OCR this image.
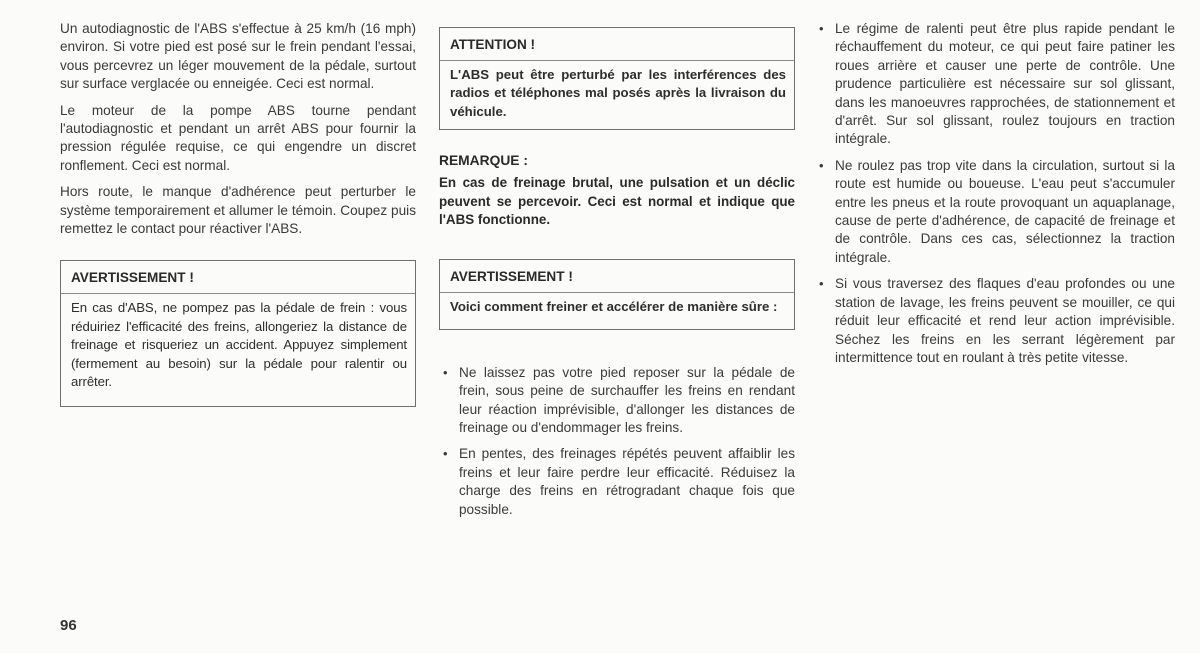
Un autodiagnostic de l'ABS s'effectue à 25 km/h (16 mph) environ. Si votre pied est posé sur le frein pendant l'essai, vous percevrez un léger mouvement de la pédale, surtout sur surface verglacée ou enneigée. Ceci est normal.

Le moteur de la pompe ABS tourne pendant l'autodiagnostic et pendant un arrêt ABS pour fournir la pression régulée requise, ce qui engendre un discret ronflement. Ceci est normal.

Hors route, le manque d'adhérence peut perturber le système temporairement et allumer le témoin. Coupez puis remettez le contact pour réactiver l'ABS.

AVERTISSEMENT !
En cas d'ABS, ne pompez pas la pédale de frein : vous réduiriez l'efficacité des freins, allongeriez la distance de freinage et risqueriez un accident. Appuyez simplement (fermement au besoin) sur la pédale pour ralentir ou arrêter.
ATTENTION !
L'ABS peut être perturbé par les interférences des radios et téléphones mal posés après la livraison du véhicule.
REMARQUE :

En cas de freinage brutal, une pulsation et un déclic peuvent se percevoir. Ceci est normal et indique que l'ABS fonctionne.

AVERTISSEMENT !
Voici comment freiner et accélérer de manière sûre :
• Ne laissez pas votre pied reposer sur la pédale de frein, sous peine de surchauffer les freins en rendant leur réaction imprévisible, d'allonger les distances de freinage ou d'endommager les freins.
• En pentes, des freinages répétés peuvent affaiblir les freins et leur faire perdre leur efficacité. Réduisez la charge des freins en rétrogradant chaque fois que possible.
• Le régime de ralenti peut être plus rapide pendant le réchauffement du moteur, ce qui peut faire patiner les roues arrière et causer une perte de contrôle. Une prudence particulière est nécessaire sur sol glissant, dans les manoeuvres rapprochées, de stationnement et d'arrêt. Sur sol glissant, roulez toujours en traction intégrale.
• Ne roulez pas trop vite dans la circulation, surtout si la route est humide ou boueuse. L'eau peut s'accumuler entre les pneus et la route provoquant un aquaplanage, cause de perte d'adhérence, de capacité de freinage et de contrôle. Dans ces cas, sélectionnez la traction intégrale.
• Si vous traversez des flaques d'eau profondes ou une station de lavage, les freins peuvent se mouiller, ce qui réduit leur efficacité et rend leur action imprévisible. Séchez les freins en les serrant légèrement par intermittence tout en roulant à très petite vitesse.
96
